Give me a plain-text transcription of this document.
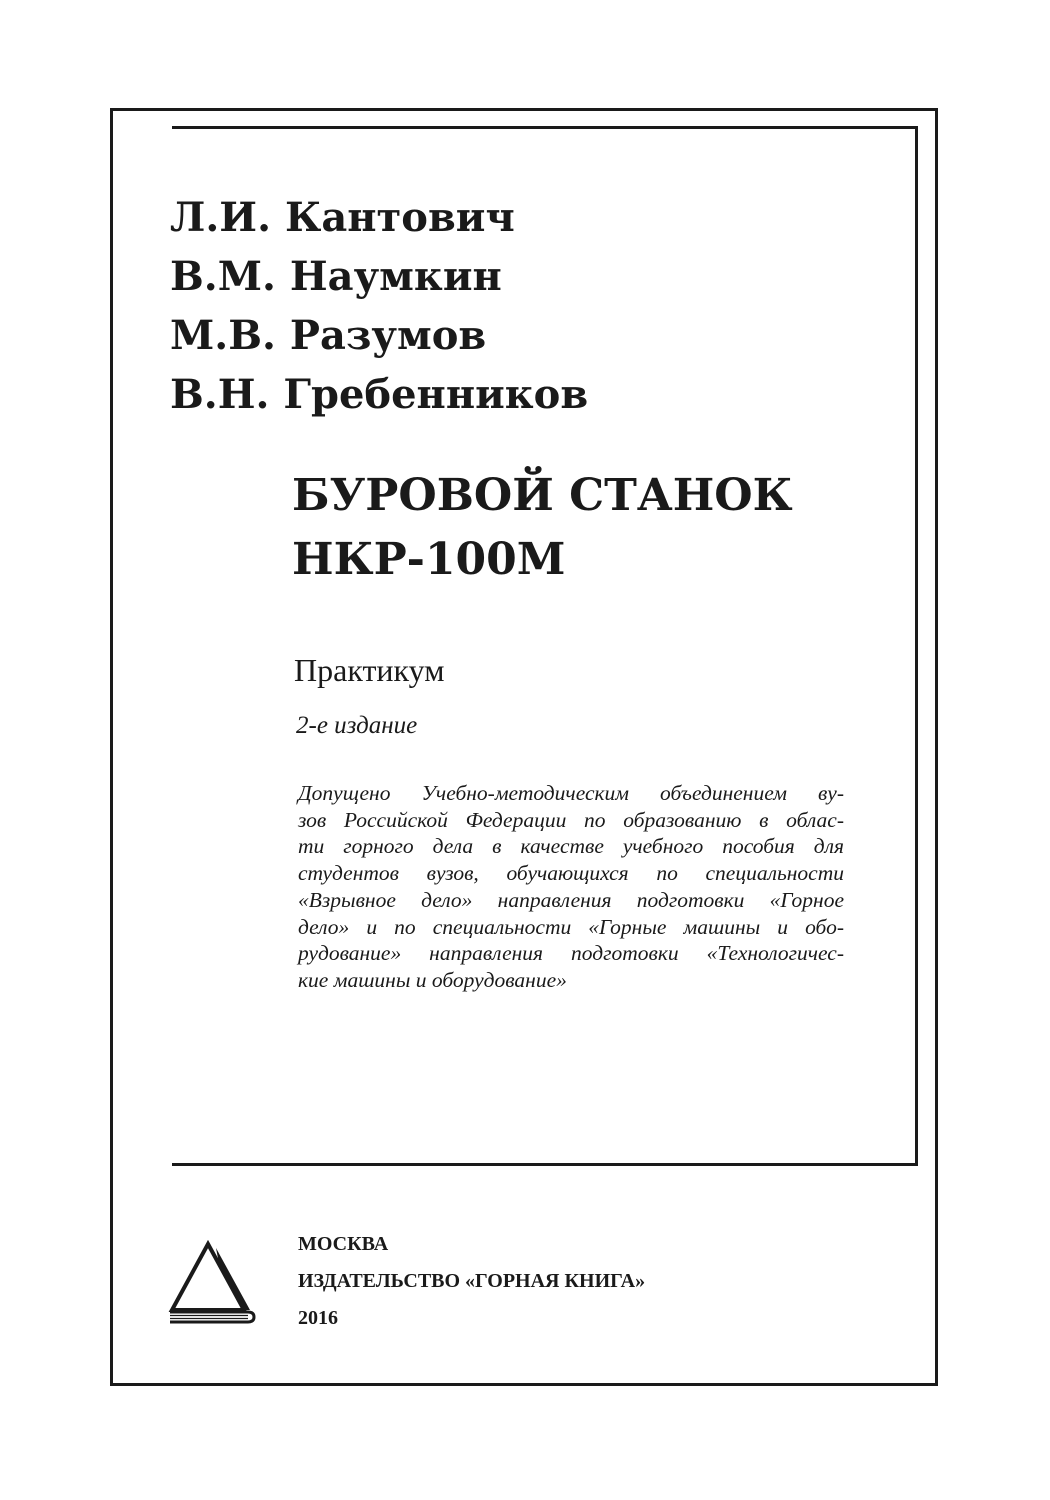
Л.И. Кантович
В.М. Наумкин
М.В. Разумов
В.Н. Гребенников
БУРОВОЙ СТАНОК
НКР-100М
Практикум
2-е издание
Допущено Учебно-методическим объединением ву-
зов Российской Федерации по образованию в облас-
ти горного дела в качестве учебного пособия для
студентов вузов, обучающихся по специальности
«Взрывное дело» направления подготовки «Горное
дело» и по специальности «Горные машины и обо-
рудование» направления подготовки «Технологичес-
кие машины и оборудование»
МОСКВА
ИЗДАТЕЛЬСТВО «ГОРНАЯ КНИГА»
2016
